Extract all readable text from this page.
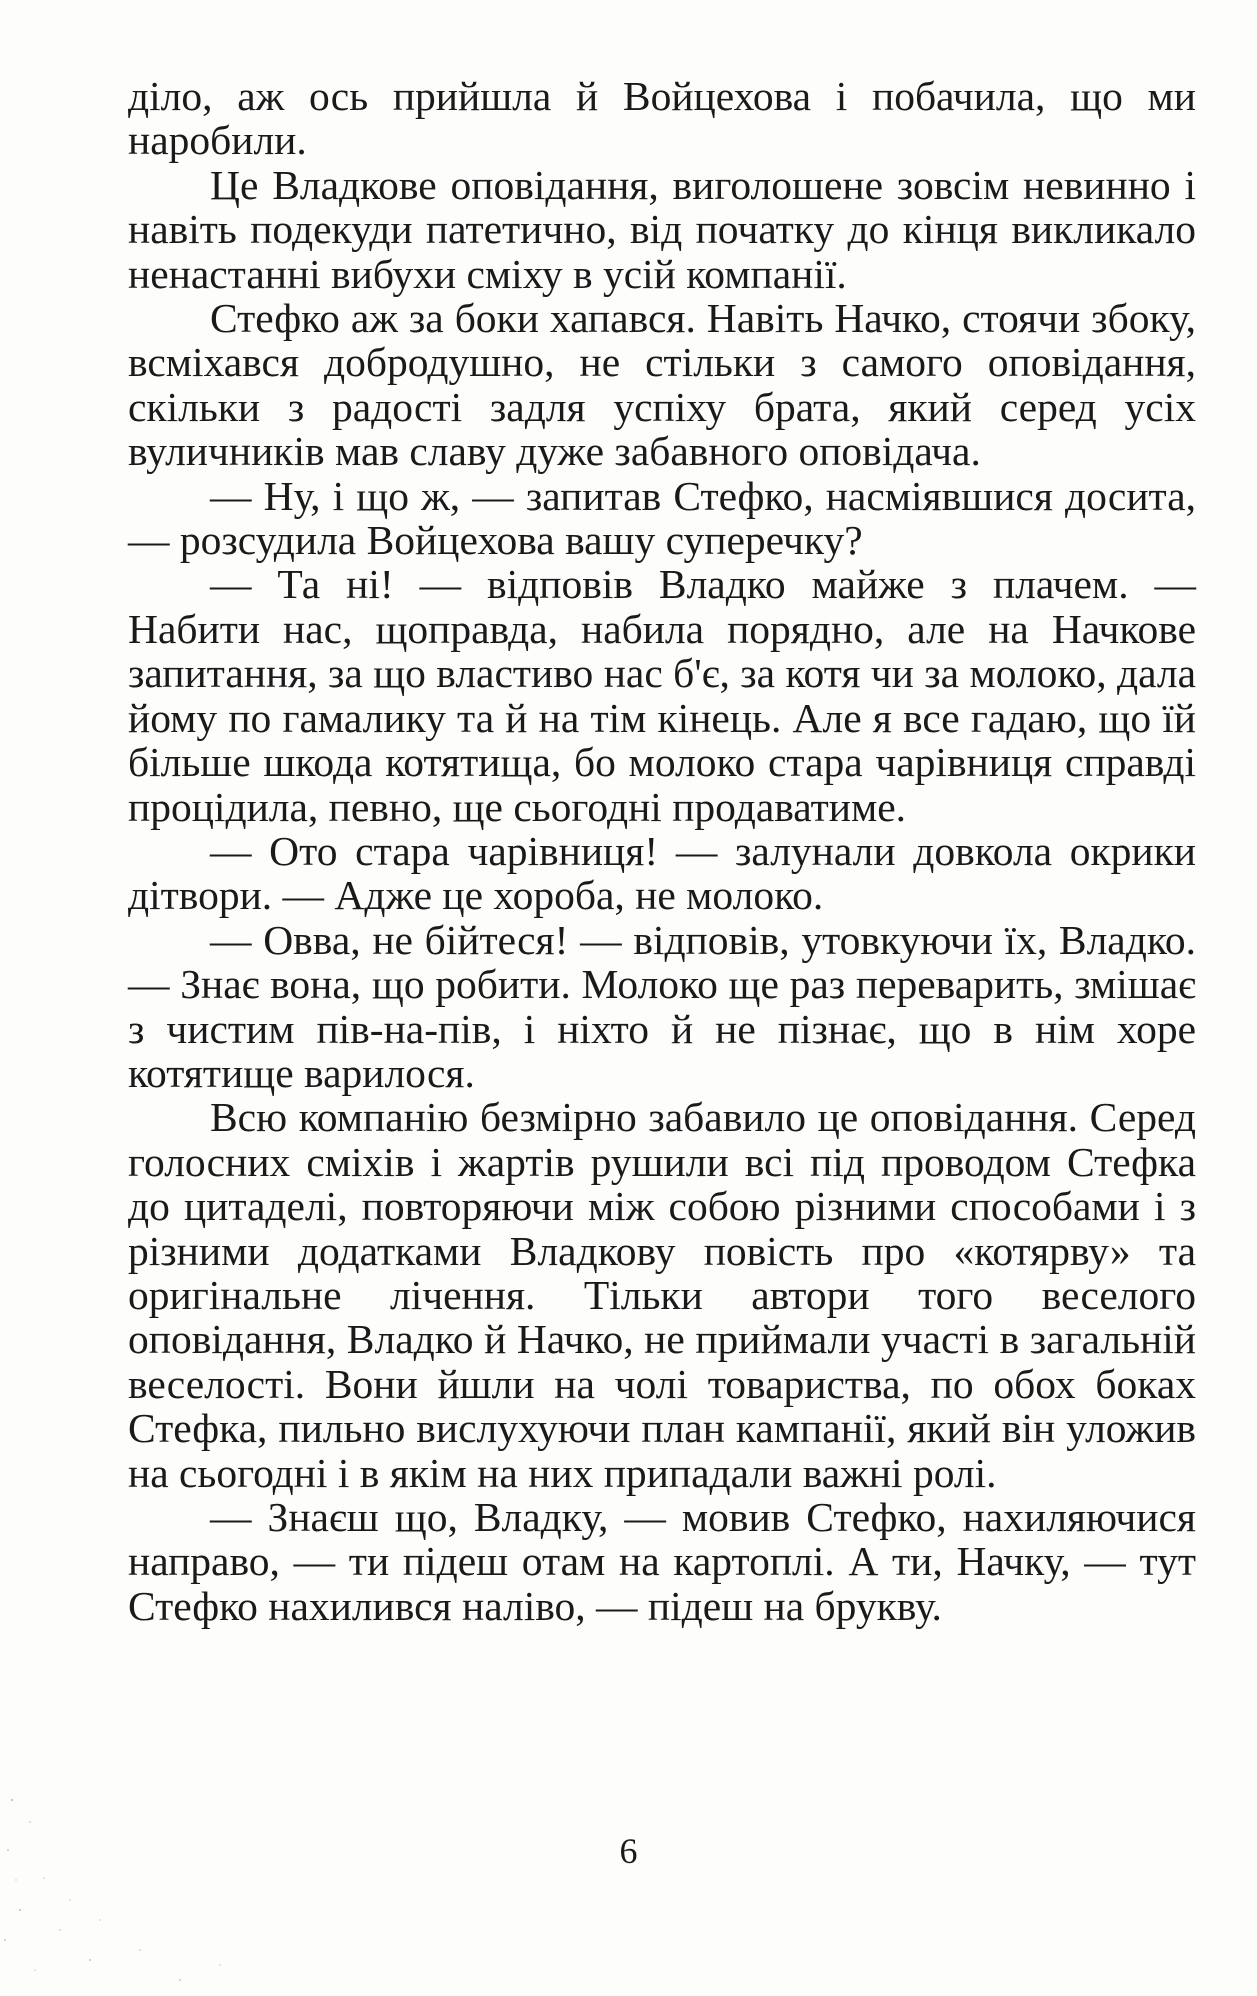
діло, аж ось прийшла й Войцехова і побачила, що ми наробили.

Це Владкове оповідання, виголошене зовсім невинно і навіть подекуди патетично, від початку до кінця викликало ненастанні вибухи сміху в усій компанії.

Стефко аж за боки хапався. Навіть Начко, стоячи збоку, всміхався добродушно, не стільки з самого оповідання, скільки з радості задля успіху брата, який серед усіх вуличників мав славу дуже забавного оповідача.

— Ну, і що ж, — запитав Стефко, насміявшися досита, — розсудила Войцехова вашу суперечку?

— Та ні! — відповів Владко майже з плачем. — Набити нас, щоправда, набила порядно, але на Начкове запитання, за що властиво нас б'є, за котя чи за молоко, дала йому по гамалику та й на тім кінець. Але я все гадаю, що їй більше шкода котятища, бо молоко стара чарівниця справді процідила, певно, ще сьогодні продаватиме.

— Ото стара чарівниця! — залунали довкола окрики дітвори. — Адже це хороба, не молоко.

— Овва, не бійтеся! — відповів, утовкуючи їх, Владко. — Знає вона, що робити. Молоко ще раз переварить, змішає з чистим пів-на-пів, і ніхто й не пізнає, що в нім хоре котятище варилося.

Всю компанію безмірно забавило це оповідання. Серед голосних сміхів і жартів рушили всі під проводом Стефка до цитаделі, повторяючи між собою різними способами і з різними додатками Владкову повість про «котярву» та оригінальне лічення. Тільки автори того веселого оповідання, Владко й Начко, не приймали участі в загальній веселості. Вони йшли на чолі товариства, по обох боках Стефка, пильно вислухуючи план кампанії, який він уложив на сьогодні і в якім на них припадали важні ролі.

— Знаєш що, Владку, — мовив Стефко, нахиляючися направо, — ти підеш отам на картоплі. А ти, Начку, — тут Стефко нахилився наліво, — підеш на брукву.

6
